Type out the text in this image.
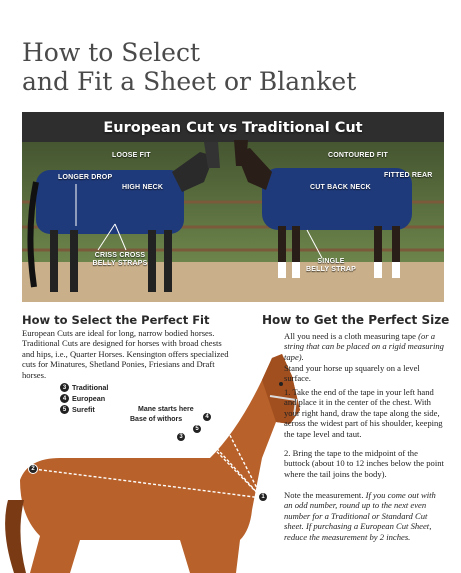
How to Select
and Fit a Sheet or Blanket
European Cut vs Traditional Cut
LOOSE FIT
LONGER DROP
HIGH NECK
CRISS CROSS
BELLY STRAPS
CONTOURED FIT
FITTED REAR
CUT BACK NECK
SINGLE
BELLY STRAP
How to Select the Perfect Fit
European Cuts are ideal for long, narrow bodied horses. Traditional Cuts are designed for horses with broad chests and hips, i.e., Quarter Horses. Kensington offers specialized cuts for Minatures, Shetland Ponies, Friesians and Draft horses.
2
1
3
5
4
3 Traditional
4 European
5 Surefit	Mane starts here
Base of withors
How to Get the Perfect Size
All you need is a cloth measuring tape (or a string that can be placed on a rigid measuring tape).
Stand your horse up squarely on a level surface.
1. Take the end of the tape in your left hand and place it in the center of the chest. With your right hand, draw the tape along the side, across the widest part of his shoulder, keeping the tape level and taut.
2. Bring the tape to the midpoint of the buttock (about 10 to 12 inches below the point where the tail joins the body).
Note the measurement. If you come out with an odd number, round up to the next even number for a Traditional or Standard Cut sheet. If purchasing a European Cut Sheet, reduce the measurement by 2 inches.
